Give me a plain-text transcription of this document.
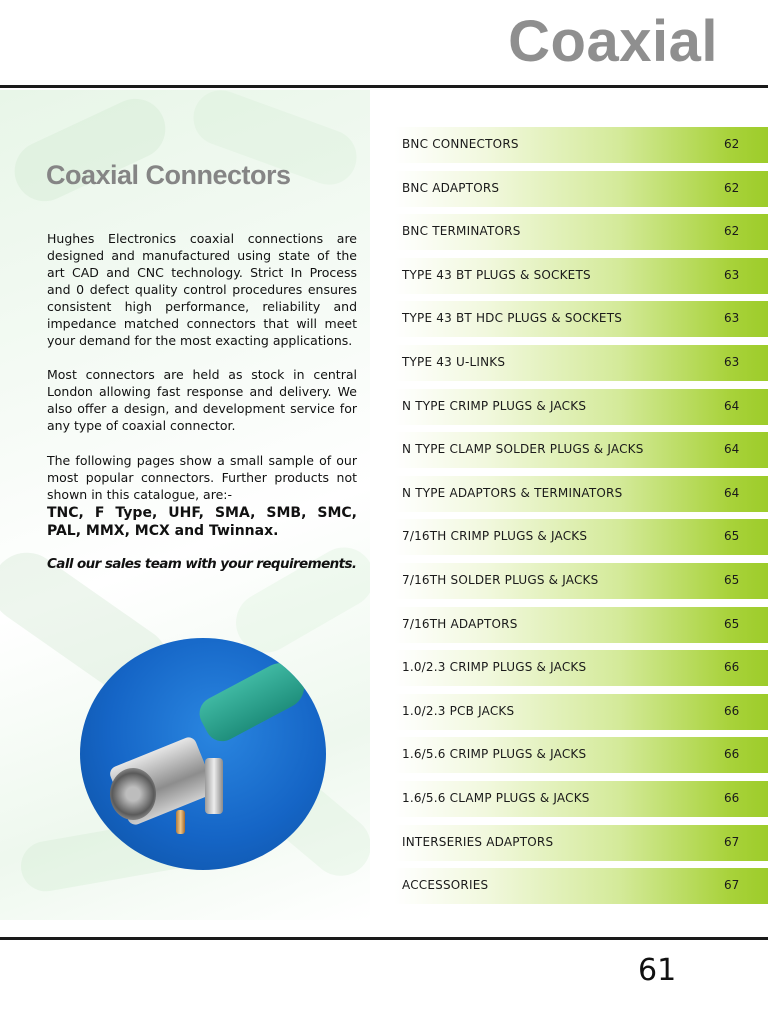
Coaxial
Coaxial Connectors

Hughes Electronics coaxial connections are designed and manufactured using state of the art CAD and CNC technology. Strict In Process and 0 defect quality control procedures ensures consistent high performance, reliability and impedance matched connectors that will meet your demand for the most exacting applications.

Most connectors are held as stock in central London allowing fast response and delivery. We also offer a design, and development service for any type of coaxial connector.

The following pages show a small sample of our most popular connectors. Further products not shown in this catalogue, are:-

TNC, F Type, UHF, SMA, SMB, SMC, PAL, MMX, MCX and Twinnax.

Call our sales team with your requirements.

BNC CONNECTORS	62
BNC ADAPTORS	62
BNC TERMINATORS	62
TYPE 43 BT PLUGS & SOCKETS	63
TYPE 43 BT HDC PLUGS & SOCKETS	63
TYPE 43 U-LINKS	63
N TYPE CRIMP PLUGS & JACKS	64
N TYPE CLAMP SOLDER PLUGS & JACKS	64
N TYPE ADAPTORS & TERMINATORS	64
7/16TH CRIMP PLUGS & JACKS	65
7/16TH SOLDER PLUGS & JACKS	65
7/16TH ADAPTORS	65
1.0/2.3 CRIMP PLUGS & JACKS	66
1.0/2.3 PCB JACKS	66
1.6/5.6 CRIMP PLUGS & JACKS	66
1.6/5.6 CLAMP PLUGS & JACKS	66
INTERSERIES ADAPTORS	67
ACCESSORIES	67
61
